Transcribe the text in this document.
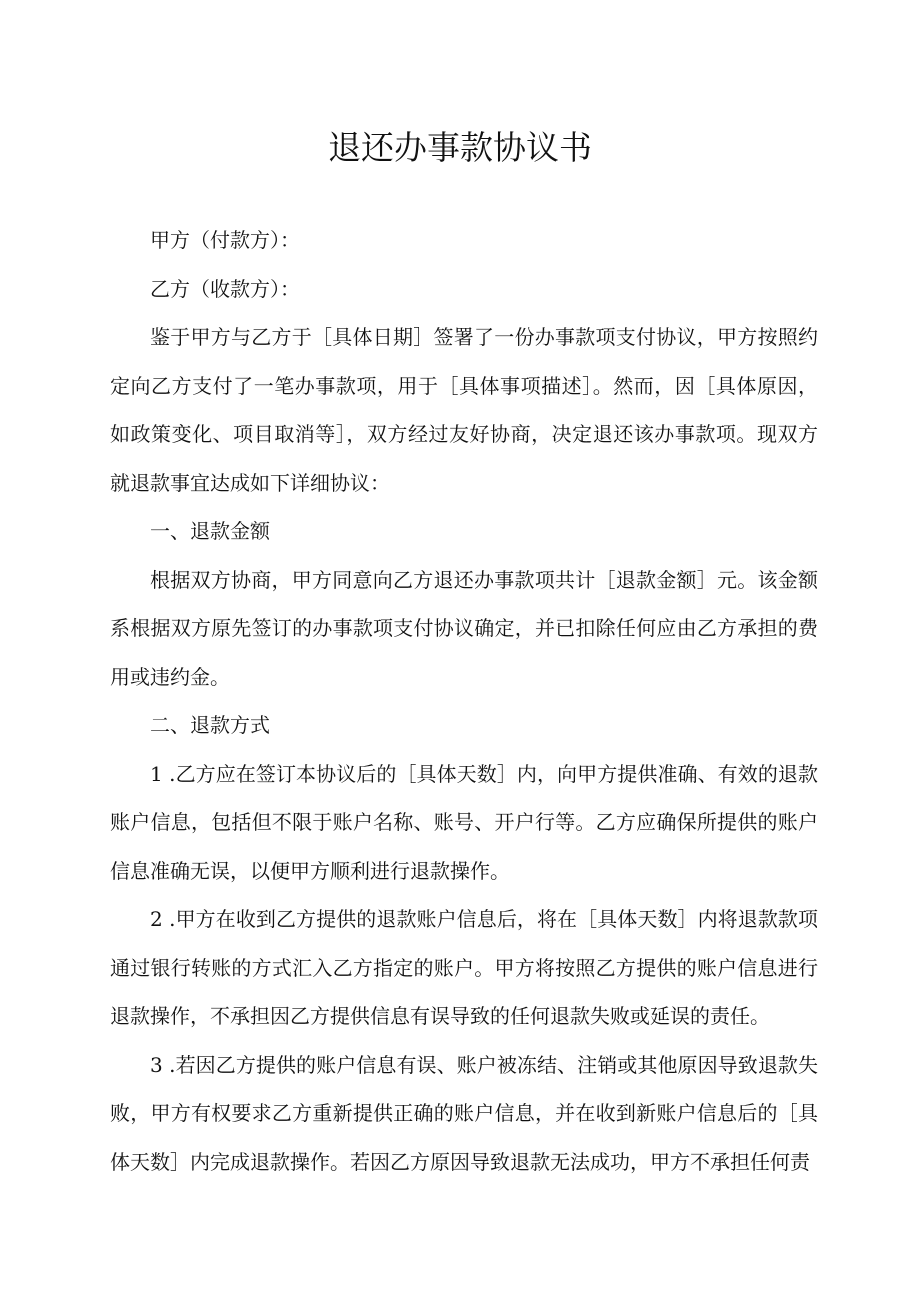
退还办事款协议书

甲方（付款方）：

乙方（收款方）：

鉴于甲方与乙方于［具体日期］签署了一份办事款项支付协议，甲方按照约定向乙方支付了一笔办事款项，用于［具体事项描述］。然而，因［具体原因，如政策变化、项目取消等］，双方经过友好协商，决定退还该办事款项。现双方就退款事宜达成如下详细协议：

一、退款金额

根据双方协商，甲方同意向乙方退还办事款项共计［退款金额］元。该金额系根据双方原先签订的办事款项支付协议确定，并已扣除任何应由乙方承担的费用或违约金。

二、退款方式

1 .乙方应在签订本协议后的［具体天数］内，向甲方提供准确、有效的退款账户信息，包括但不限于账户名称、账号、开户行等。乙方应确保所提供的账户信息准确无误，以便甲方顺利进行退款操作。

2 .甲方在收到乙方提供的退款账户信息后，将在［具体天数］内将退款款项通过银行转账的方式汇入乙方指定的账户。甲方将按照乙方提供的账户信息进行退款操作，不承担因乙方提供信息有误导致的任何退款失败或延误的责任。

3 .若因乙方提供的账户信息有误、账户被冻结、注销或其他原因导致退款失败，甲方有权要求乙方重新提供正确的账户信息，并在收到新账户信息后的［具体天数］内完成退款操作。若因乙方原因导致退款无法成功，甲方不承担任何责
